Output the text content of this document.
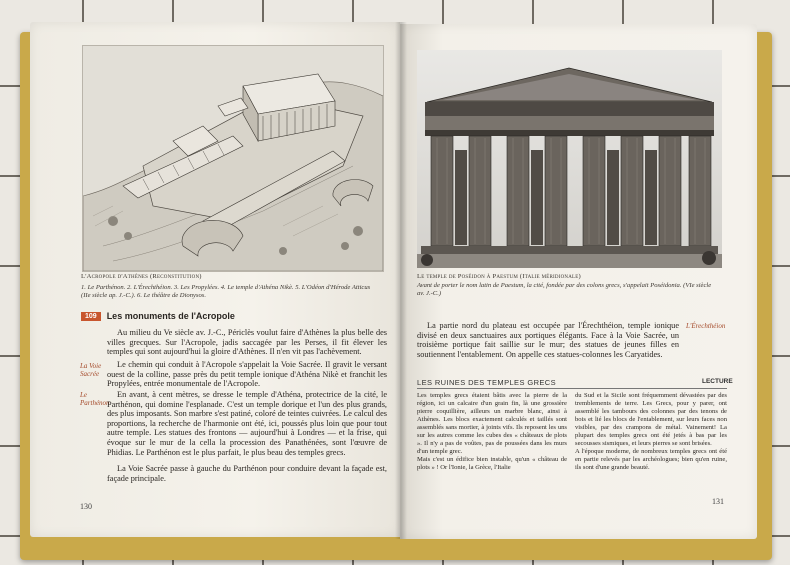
L'Acropole d'Athènes (Reconstitution)
1. Le Parthénon. 2. L'Érechthéion. 3. Les Propylées. 4. Le temple d'Athéna Nikè. 5. L'Odéon d'Hérode Atticus (IIe siècle ap. J.-C.). 6. Le théâtre de Dionysos.
Le temple de Poséidon à Paestum (Italie méridionale)
Avant de porter le nom latin de Paestum, la cité, fondée par des colons grecs, s'appelait Poséidonia. (VIe siècle av. J.-C.)
109	Les monuments de l'Acropole
Au milieu du Ve siècle av. J.-C., Périclès voulut faire d'Athènes la plus belle des villes grecques. Sur l'Acropole, jadis saccagée par les Perses, il fit élever les temples qui sont aujourd'hui la gloire d'Athènes. Il n'en vit pas l'achèvement.
La Voie Sacrée
Le chemin qui conduit à l'Acropole s'appelait la Voie Sacrée. Il gravit le versant ouest de la colline, passe près du petit temple ionique d'Athéna Nikè et franchit les Propylées, entrée monumentale de l'Acropole.
Le Parthénon
En avant, à cent mètres, se dresse le temple d'Athéna, protectrice de la cité, le Parthénon, qui domine l'esplanade. C'est un temple dorique et l'un des plus grands, des plus imposants. Son marbre s'est patiné, coloré de teintes cuivrées. Le calcul des proportions, la recherche de l'harmonie ont été, ici, poussés plus loin que pour tout autre temple. Les statues des frontons — aujourd'hui à Londres — et la frise, qui évoque sur le mur de la cella la procession des Panathénées, sont l'œuvre de Phidias. Le Parthénon est le plus parfait, le plus beau des temples grecs.
La Voie Sacrée passe à gauche du Parthénon pour conduire devant la façade est, façade principale.
130
La partie nord du plateau est occupée par l'Érechthéion, temple ionique divisé en deux sanctuaires aux portiques élégants. Face à la Voie Sacrée, un troisième portique fait saillie sur le mur; des statues de jeunes filles en soutiennent l'entablement. On appelle ces statues-colonnes les Caryatides.
L'Érechthéion
LES RUINES DES TEMPLES GRECS	LECTURE
Les temples grecs étaient bâtis avec la pierre de la région, ici un calcaire d'un grain fin, là une grossière pierre coquillière, ailleurs un marbre blanc, ainsi à Athènes. Les blocs exactement calculés et taillés sont assemblés sans mortier, à joints vifs. Ils reposent les uns sur les autres comme les cubes des « châteaux de plots ». Il n'y a pas de voûtes, pas de poussées dans les murs d'un temple grec.
Mais c'est un édifice bien instable, qu'un « château de plots » ! Or l'Ionie, la Grèce, l'Italie
du Sud et la Sicile sont fréquemment dévastées par des tremblements de terre. Les Grecs, pour y parer, ont assemblé les tambours des colonnes par des tenons de bois et lié les blocs de l'entablement, sur leurs faces non visibles, par des crampons de métal. Vainement! La plupart des temples grecs ont été jetés à bas par les secousses sismiques, et leurs pierres se sont brisées.
A l'époque moderne, de nombreux temples grecs ont été en partie relevés par les archéologues; bien qu'en ruine, ils sont d'une grande beauté.
131
